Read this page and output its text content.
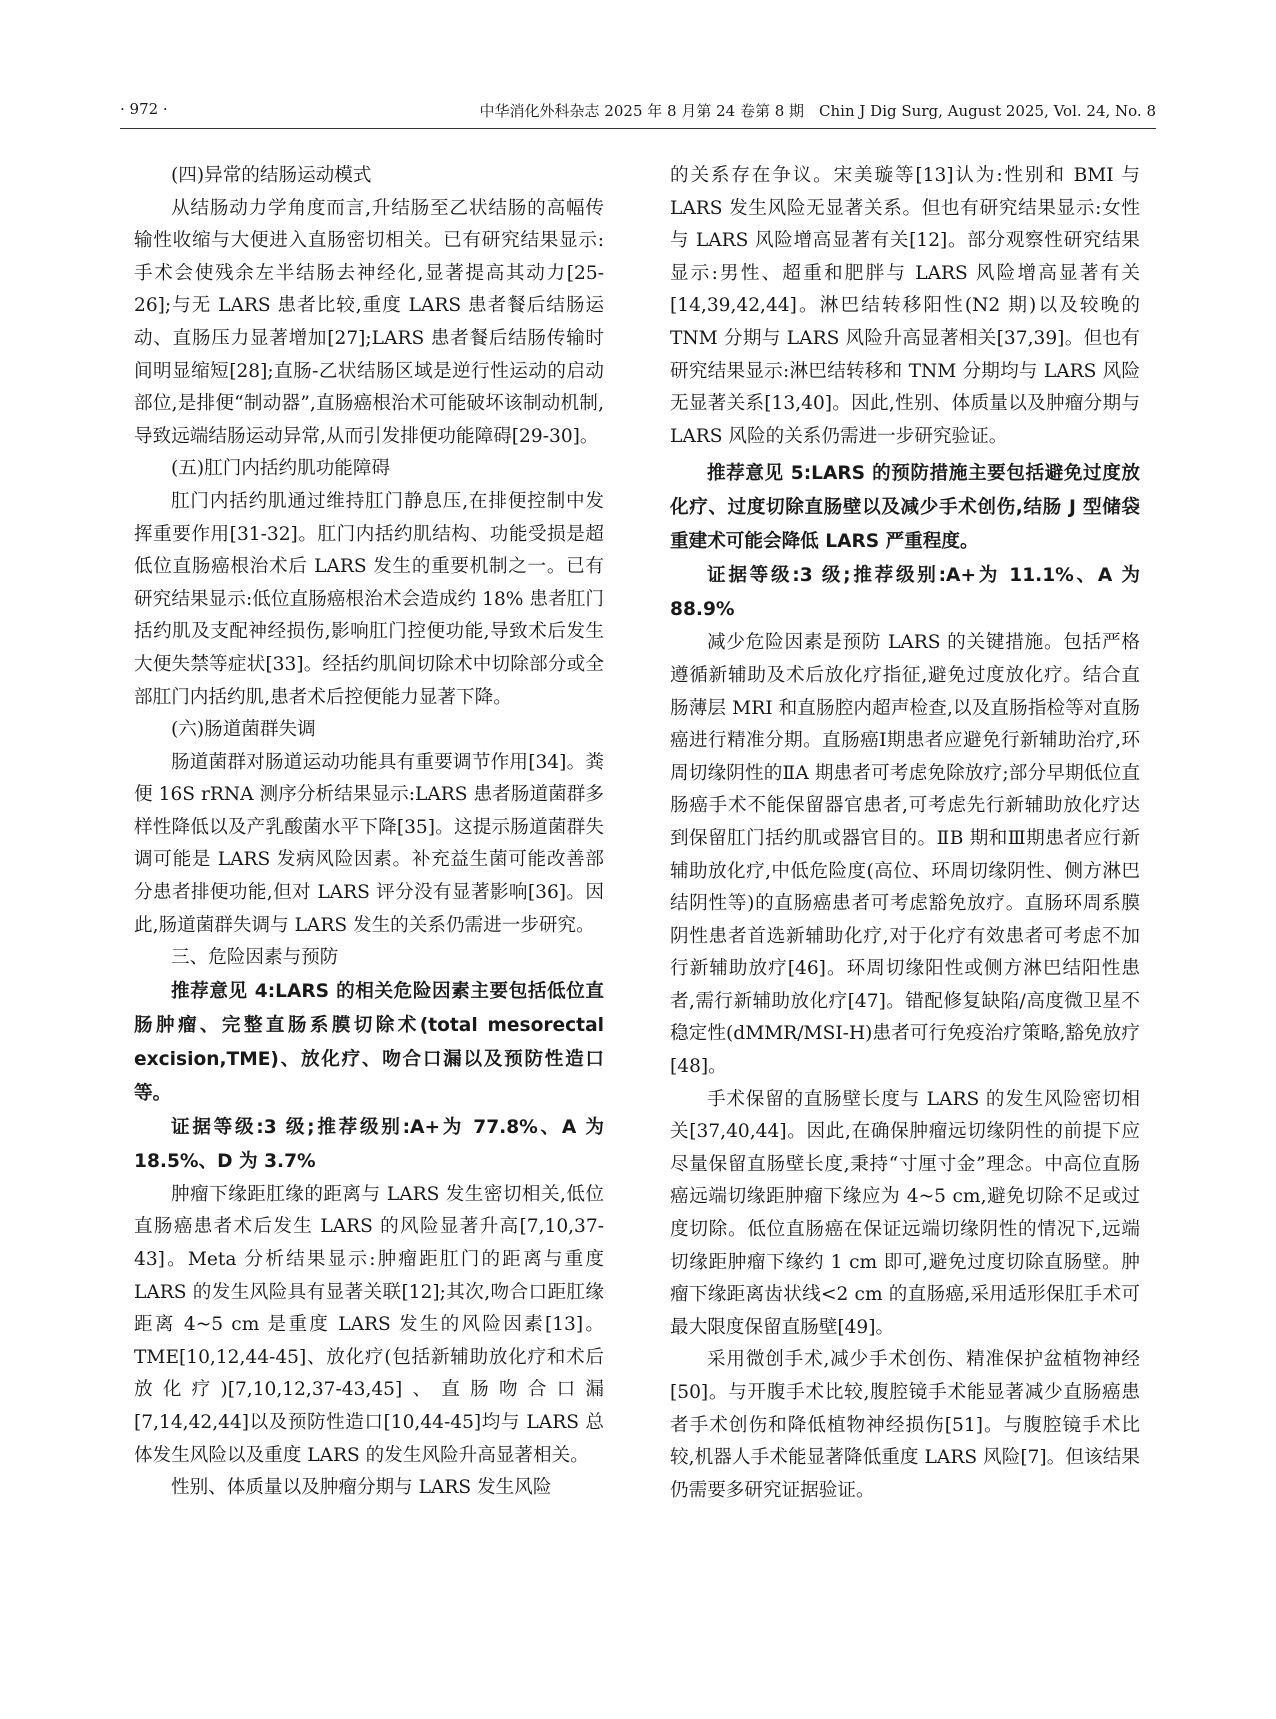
· 972 ·	中华消化外科杂志 2025 年 8 月第 24 卷第 8 期　Chin J Dig Surg, August 2025, Vol. 24, No. 8

(四)异常的结肠运动模式

从结肠动力学角度而言,升结肠至乙状结肠的高幅传输性收缩与大便进入直肠密切相关。已有研究结果显示:手术会使残余左半结肠去神经化,显著提高其动力[25-26];与无 LARS 患者比较,重度 LARS 患者餐后结肠运动、直肠压力显著增加[27];LARS 患者餐后结肠传输时间明显缩短[28];直肠-乙状结肠区域是逆行性运动的启动部位,是排便“制动器”,直肠癌根治术可能破坏该制动机制,导致远端结肠运动异常,从而引发排便功能障碍[29-30]。

(五)肛门内括约肌功能障碍

肛门内括约肌通过维持肛门静息压,在排便控制中发挥重要作用[31-32]。肛门内括约肌结构、功能受损是超低位直肠癌根治术后 LARS 发生的重要机制之一。已有研究结果显示:低位直肠癌根治术会造成约 18% 患者肛门括约肌及支配神经损伤,影响肛门控便功能,导致术后发生大便失禁等症状[33]。经括约肌间切除术中切除部分或全部肛门内括约肌,患者术后控便能力显著下降。

(六)肠道菌群失调

肠道菌群对肠道运动功能具有重要调节作用[34]。粪便 16S rRNA 测序分析结果显示:LARS 患者肠道菌群多样性降低以及产乳酸菌水平下降[35]。这提示肠道菌群失调可能是 LARS 发病风险因素。补充益生菌可能改善部分患者排便功能,但对 LARS 评分没有显著影响[36]。因此,肠道菌群失调与 LARS 发生的关系仍需进一步研究。

三、危险因素与预防

推荐意见 4:LARS 的相关危险因素主要包括低位直肠肿瘤、完整直肠系膜切除术(total mesorectal excision,TME)、放化疗、吻合口漏以及预防性造口等。

证据等级:3 级;推荐级别:A+为 77.8%、A 为 18.5%、D 为 3.7%

肿瘤下缘距肛缘的距离与 LARS 发生密切相关,低位直肠癌患者术后发生 LARS 的风险显著升高[7,10,37-43]。Meta 分析结果显示:肿瘤距肛门的距离与重度 LARS 的发生风险具有显著关联[12];其次,吻合口距肛缘距离 4~5 cm 是重度 LARS 发生的风险因素[13]。TME[10,12,44-45]、放化疗(包括新辅助放化疗和术后放化疗)[7,10,12,37-43,45]、直肠吻合口漏[7,14,42,44]以及预防性造口[10,44-45]均与 LARS 总体发生风险以及重度 LARS 的发生风险升高显著相关。

性别、体质量以及肿瘤分期与 LARS 发生风险

的关系存在争议。宋美璇等[13]认为:性别和 BMI 与 LARS 发生风险无显著关系。但也有研究结果显示:女性与 LARS 风险增高显著有关[12]。部分观察性研究结果显示:男性、超重和肥胖与 LARS 风险增高显著有关[14,39,42,44]。淋巴结转移阳性(N2 期)以及较晚的 TNM 分期与 LARS 风险升高显著相关[37,39]。但也有研究结果显示:淋巴结转移和 TNM 分期均与 LARS 风险无显著关系[13,40]。因此,性别、体质量以及肿瘤分期与 LARS 风险的关系仍需进一步研究验证。

推荐意见 5:LARS 的预防措施主要包括避免过度放化疗、过度切除直肠壁以及减少手术创伤,结肠 J 型储袋重建术可能会降低 LARS 严重程度。

证据等级:3 级;推荐级别:A+为 11.1%、A 为 88.9%

减少危险因素是预防 LARS 的关键措施。包括严格遵循新辅助及术后放化疗指征,避免过度放化疗。结合直肠薄层 MRI 和直肠腔内超声检查,以及直肠指检等对直肠癌进行精准分期。直肠癌Ⅰ期患者应避免行新辅助治疗,环周切缘阴性的ⅡA 期患者可考虑免除放疗;部分早期低位直肠癌手术不能保留器官患者,可考虑先行新辅助放化疗达到保留肛门括约肌或器官目的。ⅡB 期和Ⅲ期患者应行新辅助放化疗,中低危险度(高位、环周切缘阴性、侧方淋巴结阴性等)的直肠癌患者可考虑豁免放疗。直肠环周系膜阴性患者首选新辅助化疗,对于化疗有效患者可考虑不加行新辅助放疗[46]。环周切缘阳性或侧方淋巴结阳性患者,需行新辅助放化疗[47]。错配修复缺陷/高度微卫星不稳定性(dMMR/MSI-H)患者可行免疫治疗策略,豁免放疗[48]。

手术保留的直肠壁长度与 LARS 的发生风险密切相关[37,40,44]。因此,在确保肿瘤远切缘阴性的前提下应尽量保留直肠壁长度,秉持“寸厘寸金”理念。中高位直肠癌远端切缘距肿瘤下缘应为 4~5 cm,避免切除不足或过度切除。低位直肠癌在保证远端切缘阴性的情况下,远端切缘距肿瘤下缘约 1 cm 即可,避免过度切除直肠壁。肿瘤下缘距离齿状线<2 cm 的直肠癌,采用适形保肛手术可最大限度保留直肠壁[49]。

采用微创手术,减少手术创伤、精准保护盆植物神经[50]。与开腹手术比较,腹腔镜手术能显著减少直肠癌患者手术创伤和降低植物神经损伤[51]。与腹腔镜手术比较,机器人手术能显著降低重度 LARS 风险[7]。但该结果仍需要多研究证据验证。
